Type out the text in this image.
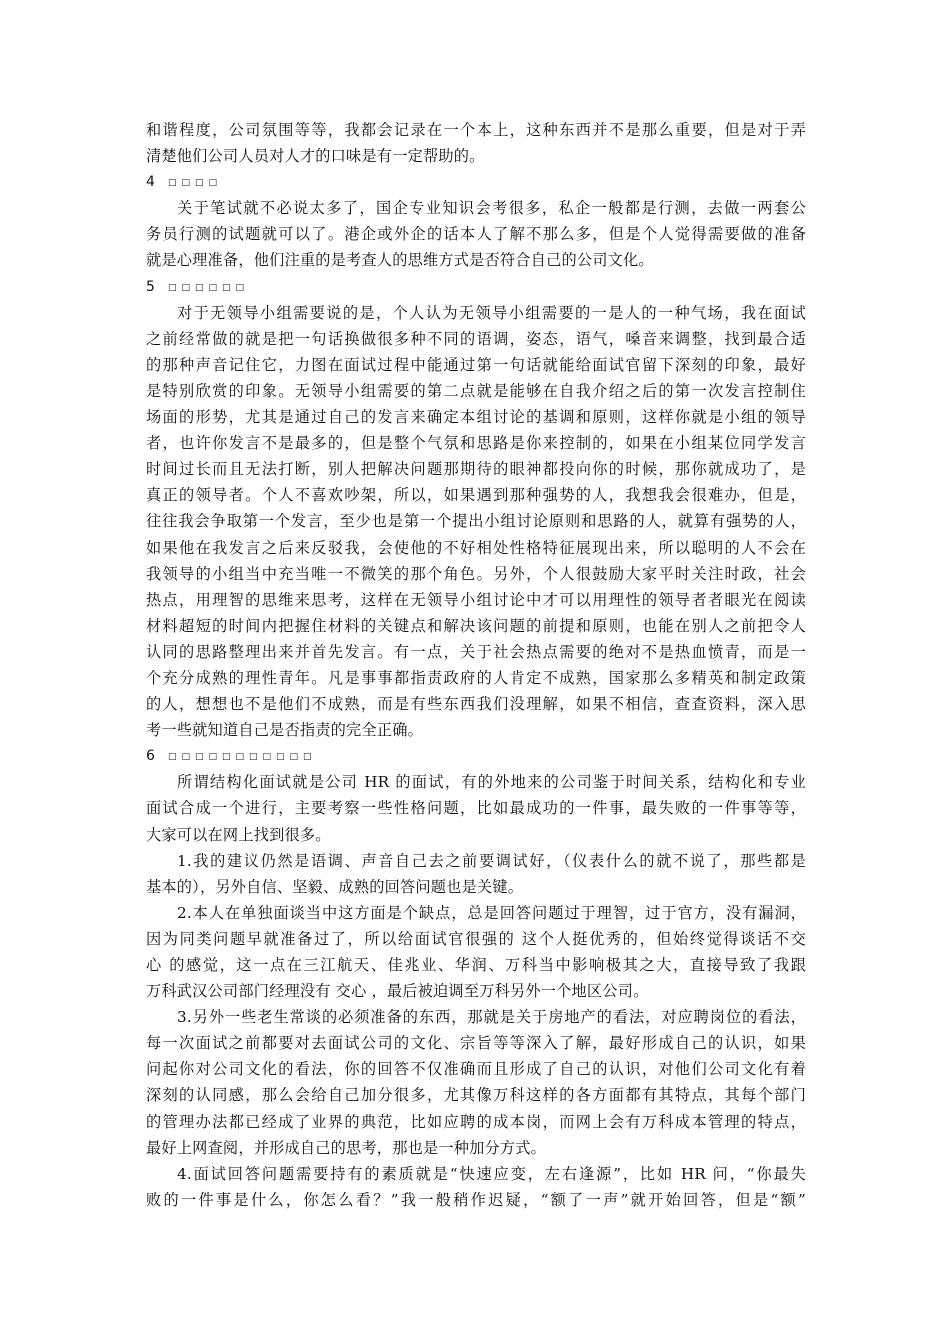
和谐程度，公司氛围等等，我都会记录在一个本上，这种东西并不是那么重要，但是对于弄
清楚他们公司人员对人才的口味是有一定帮助的。
4 □□□□
关于笔试就不必说太多了，国企专业知识会考很多，私企一般都是行测，去做一两套公
务员行测的试题就可以了。港企或外企的话本人了解不那么多，但是个人觉得需要做的准备
就是心理准备，他们注重的是考查人的思维方式是否符合自己的公司文化。
5 □□□□□□
对于无领导小组需要说的是，个人认为无领导小组需要的一是人的一种气场，我在面试
之前经常做的就是把一句话换做很多种不同的语调，姿态，语气，嗓音来调整，找到最合适
的那种声音记住它，力图在面试过程中能通过第一句话就能给面试官留下深刻的印象，最好
是特别欣赏的印象。无领导小组需要的第二点就是能够在自我介绍之后的第一次发言控制住
场面的形势，尤其是通过自己的发言来确定本组讨论的基调和原则，这样你就是小组的领导
者，也许你发言不是最多的，但是整个气氛和思路是你来控制的，如果在小组某位同学发言
时间过长而且无法打断，别人把解决问题那期待的眼神都投向你的时候，那你就成功了，是
真正的领导者。个人不喜欢吵架，所以，如果遇到那种强势的人，我想我会很难办，但是，
往往我会争取第一个发言，至少也是第一个提出小组讨论原则和思路的人，就算有强势的人，
如果他在我发言之后来反驳我，会使他的不好相处性格特征展现出来，所以聪明的人不会在
我领导的小组当中充当唯一不微笑的那个角色。另外，个人很鼓励大家平时关注时政，社会
热点，用理智的思维来思考，这样在无领导小组讨论中才可以用理性的领导者者眼光在阅读
材料超短的时间内把握住材料的关键点和解决该问题的前提和原则，也能在别人之前把令人
认同的思路整理出来并首先发言。有一点，关于社会热点需要的绝对不是热血愤青，而是一
个充分成熟的理性青年。凡是事事都指责政府的人肯定不成熟，国家那么多精英和制定政策
的人，想想也不是他们不成熟，而是有些东西我们没理解，如果不相信，查查资料，深入思
考一些就知道自己是否指责的完全正确。
6 □□□□□□□□□□□
所谓结构化面试就是公司 HR 的面试，有的外地来的公司鉴于时间关系，结构化和专业
面试合成一个进行，主要考察一些性格问题，比如最成功的一件事，最失败的一件事等等，
大家可以在网上找到很多。
1.我的建议仍然是语调、声音自己去之前要调试好，（仪表什么的就不说了，那些都是
基本的），另外自信、坚毅、成熟的回答问题也是关键。
2.本人在单独面谈当中这方面是个缺点，总是回答问题过于理智，过于官方，没有漏洞，
因为同类问题早就准备过了，所以给面试官很强的 这个人挺优秀的，但始终觉得谈话不交
心 的感觉，这一点在三江航天、佳兆业、华润、万科当中影响极其之大，直接导致了我跟
万科武汉公司部门经理没有 交心 ，最后被迫调至万科另外一个地区公司。
3.另外一些老生常谈的必须准备的东西，那就是关于房地产的看法，对应聘岗位的看法，
每一次面试之前都要对去面试公司的文化、宗旨等等深入了解，最好形成自己的认识，如果
问起你对公司文化的看法，你的回答不仅准确而且形成了自己的认识，对他们公司文化有着
深刻的认同感，那么会给自己加分很多，尤其像万科这样的各方面都有其特点，其每个部门
的管理办法都已经成了业界的典范，比如应聘的成本岗，而网上会有万科成本管理的特点，
最好上网查阅，并形成自己的思考，那也是一种加分方式。
4.面试回答问题需要持有的素质就是“快速应变，左右逢源”，比如 HR 问，“你最失
败的一件事是什么，你怎么看？”我一般稍作迟疑，“额了一声”就开始回答，但是“额”
